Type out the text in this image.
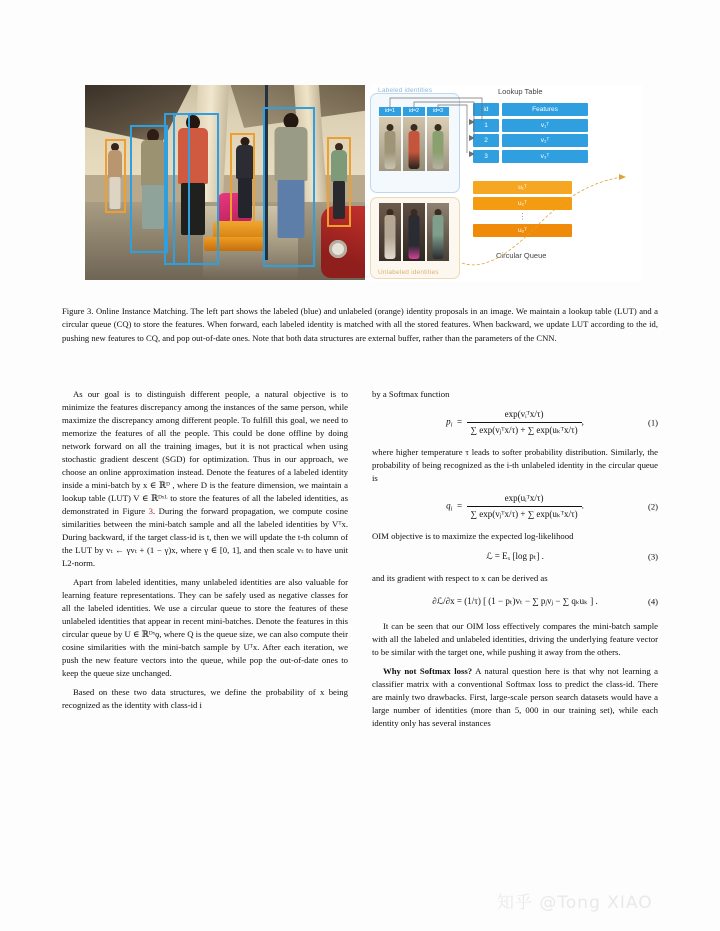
Labeled identities
id=1	id=2	id=3
Unlabeled identities
Lookup Table
id	Features
1	v₁ᵀ
2	v₂ᵀ
3	v₃ᵀ
u₁ᵀ
u₂ᵀ
⋮
uₒᵀ
Circular Queue
Figure 3. Online Instance Matching. The left part shows the labeled (blue) and unlabeled (orange) identity proposals in an image. We maintain a lookup table (LUT) and a circular queue (CQ) to store the features. When forward, each labeled identity is matched with all the stored features. When backward, we update LUT according to the id, pushing new features to CQ, and pop out-of-date ones. Note that both data structures are external buffer, rather than the parameters of the CNN.

As our goal is to distinguish different people, a natural objective is to minimize the features discrepancy among the instances of the same person, while maximize the discrepancy among different people. To fulfill this goal, we need to memorize the features of all the people. This could be done offline by doing network forward on all the training images, but it is not practical when using stochastic gradient descent (SGD) for optimization. Thus in our approach, we choose an online approximation instead. Denote the features of a labeled identity inside a mini-batch by x ∈ ℝᴰ , where D is the feature dimension, we maintain a lookup table (LUT) V ∈ ℝᴰˣᴸ to store the features of all the labeled identities, as demonstrated in Figure 3. During the forward propagation, we compute cosine similarities between the mini-batch sample and all the labeled identities by Vᵀx. During backward, if the target class-id is t, then we will update the t-th column of the LUT by vₜ ← γvₜ + (1 − γ)x, where γ ∈ [0, 1], and then scale vₜ to have unit L2-norm.

Apart from labeled identities, many unlabeled identities are also valuable for learning feature representations. They can be safely used as negative classes for all the labeled identities. We use a circular queue to store the features of these unlabeled identities that appear in recent mini-batches. Denote the features in this circular queue by U ∈ ℝᴰˣǫ, where Q is the queue size, we can also compute their cosine similarities with the mini-batch sample by Uᵀx. After each iteration, we push the new feature vectors into the queue, while pop the out-of-date ones to keep the queue size unchanged.

Based on these two data structures, we define the probability of x being recognized as the identity with class-id i

by a Softmax function

$p_i = \frac{\text{exp(vᵢᵀx/τ)}}{\text{∑ exp(vⱼᵀx/τ) + ∑ exp(uₖᵀx/τ)}}$ ,	(1)

where higher temperature τ leads to softer probability distribution. Similarly, the probability of being recognized as the i-th unlabeled identity in the circular queue is

$q_i = \frac{\text{exp(uᵢᵀx/τ)}}{\text{∑ exp(vⱼᵀx/τ) + ∑ exp(uₖᵀx/τ)}}$ .	(2)

OIM objective is to maximize the expected log-likelihood

ℒ = Eₓ [log pₜ] .	(3)

and its gradient with respect to x can be derived as

∂ℒ/∂x = (1/τ) [ (1 − pₜ)vₜ − ∑ pⱼvⱼ − ∑ qₖuₖ ] .	(4)

It can be seen that our OIM loss effectively compares the mini-batch sample with all the labeled and unlabeled identities, driving the underlying feature vector to be similar with the target one, while pushing it away from the others.

Why not Softmax loss? A natural question here is that why not learning a classifier matrix with a conventional Softmax loss to predict the class-id. There are mainly two drawbacks. First, large-scale person search datasets would have a large number of identities (more than 5, 000 in our training set), while each identity only has several instances

知乎 @Tong XIAO
